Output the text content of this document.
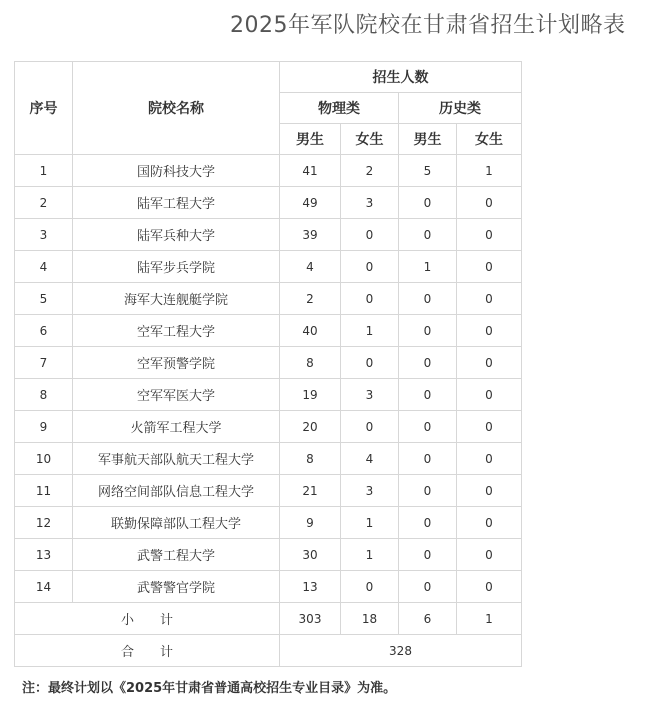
2025年军队院校在甘肃省招生计划略表
序号	院校名称	招生人数			
		物理类		历史类	
		男生	女生	男生	女生
1	国防科技大学	41	2	5	1
2	陆军工程大学	49	3	0	0
3	陆军兵种大学	39	0	0	0
4	陆军步兵学院	4	0	1	0
5	海军大连舰艇学院	2	0	0	0
6	空军工程大学	40	1	0	0
7	空军预警学院	8	0	0	0
8	空军军医大学	19	3	0	0
9	火箭军工程大学	20	0	0	0
10	军事航天部队航天工程大学	8	4	0	0
11	网络空间部队信息工程大学	21	3	0	0
12	联勤保障部队工程大学	9	1	0	0
13	武警工程大学	30	1	0	0
14	武警警官学院	13	0	0	0
小　　计		303	18	6	1
合　　计		328			
注：最终计划以《2025年甘肃省普通高校招生专业目录》为准。
